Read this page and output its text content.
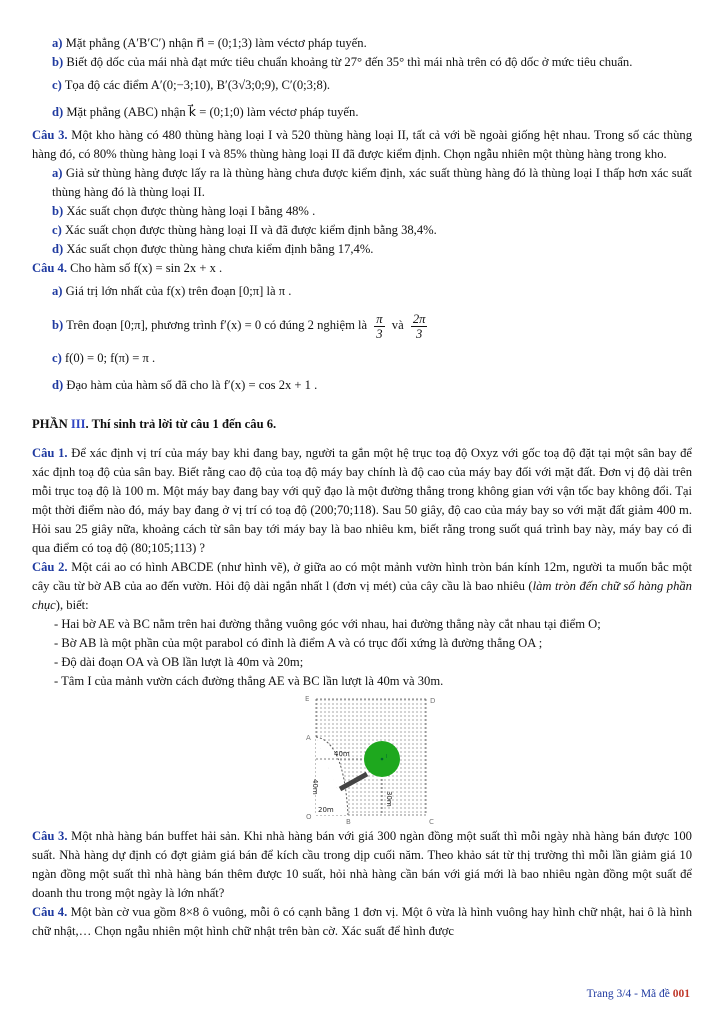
a) Mặt phẳng (A′B′C′) nhận n⃗ = (0;1;3) làm véctơ pháp tuyến.

b) Biết độ dốc của mái nhà đạt mức tiêu chuẩn khoảng từ 27° đến 35° thì mái nhà trên có độ dốc ở mức tiêu chuẩn.

c) Tọa độ các điểm A′(0;−3;10), B′(3√3;0;9), C′(0;3;8).

d) Mặt phẳng (ABC) nhận k⃗ = (0;1;0) làm véctơ pháp tuyến.

Câu 3. Một kho hàng có 480 thùng hàng loại I và 520 thùng hàng loại II, tất cả với bề ngoài giống hệt nhau. Trong số các thùng hàng đó, có 80% thùng hàng loại I và 85% thùng hàng loại II đã được kiểm định. Chọn ngẫu nhiên một thùng hàng trong kho.

a) Giả sử thùng hàng được lấy ra là thùng hàng chưa được kiểm định, xác suất thùng hàng đó là thùng loại I thấp hơn xác suất thùng hàng đó là thùng loại II.

b) Xác suất chọn được thùng hàng loại I bằng 48% .

c) Xác suất chọn được thùng hàng loại II và đã được kiểm định bằng 38,4%.

d) Xác suất chọn được thùng hàng chưa kiểm định bằng 17,4%.

Câu 4. Cho hàm số f(x) = sin 2x + x .

a) Giá trị lớn nhất của f(x) trên đoạn [0;π] là π .

b) Trên đoạn [0;π], phương trình f′(x) = 0 có đúng 2 nghiệm là $\frac{\pi}{3}$ và $\frac{2\pi}{3}$

c) f(0) = 0; f(π) = π .

d) Đạo hàm của hàm số đã cho là f′(x) = cos 2x + 1 .

PHẦN III. Thí sinh trả lời từ câu 1 đến câu 6.

Câu 1. Để xác định vị trí của máy bay khi đang bay, người ta gắn một hệ trục toạ độ Oxyz với gốc toạ độ đặt tại một sân bay để xác định toạ độ của sân bay. Biết rằng cao độ của toạ độ máy bay chính là độ cao của máy bay đối với mặt đất. Đơn vị độ dài trên mỗi trục toạ độ là 100 m. Một máy bay đang bay với quỹ đạo là một đường thẳng trong không gian với vận tốc bay không đổi. Tại một thời điểm nào đó, máy bay đang ở vị trí có toạ độ (200;70;118). Sau 50 giây, độ cao của máy bay so với mặt đất giảm 400 m. Hỏi sau 25 giây nữa, khoảng cách từ sân bay tới máy bay là bao nhiêu km, biết rằng trong suốt quá trình bay này, máy bay có đi qua điểm có toạ độ (80;105;113) ?

Câu 2. Một cái ao có hình ABCDE (như hình vẽ), ở giữa ao có một mảnh vườn hình tròn bán kính 12m, người ta muốn bắc một cây cầu từ bờ AB của ao đến vườn. Hỏi độ dài ngắn nhất l (đơn vị mét) của cây cầu là bao nhiêu (làm tròn đến chữ số hàng phần chục), biết:

- Hai bờ AE và BC nằm trên hai đường thẳng vuông góc với nhau, hai đường thẳng này cắt nhau tại điểm O;

- Bờ AB là một phần của một parabol có đỉnh là điểm A và có trục đối xứng là đường thẳng OA ;

- Độ dài đoạn OA và OB lần lượt là 40m và 20m;

- Tâm I của mảnh vườn cách đường thẳng AE và BC lần lượt là 40m và 30m.

E	D
A
O
B	C
I
40m
40m
30m
20m

Câu 3. Một nhà hàng bán buffet hải sản. Khi nhà hàng bán với giá 300 ngàn đồng một suất thì mỗi ngày nhà hàng bán được 100 suất. Nhà hàng dự định có đợt giảm giá bán để kích cầu trong dịp cuối năm. Theo khảo sát từ thị trường thì mỗi lần giảm giá 10 ngàn đồng một suất thì nhà hàng bán thêm được 10 suất, hỏi nhà hàng cần bán với giá mới là bao nhiêu ngàn đồng một suất để doanh thu trong một ngày là lớn nhất?

Câu 4. Một bàn cờ vua gồm 8×8 ô vuông, mỗi ô có cạnh bằng 1 đơn vị. Một ô vừa là hình vuông hay hình chữ nhật, hai ô là hình chữ nhật,… Chọn ngẫu nhiên một hình chữ nhật trên bàn cờ. Xác suất để hình được

Trang 3/4 - Mã đề 001
